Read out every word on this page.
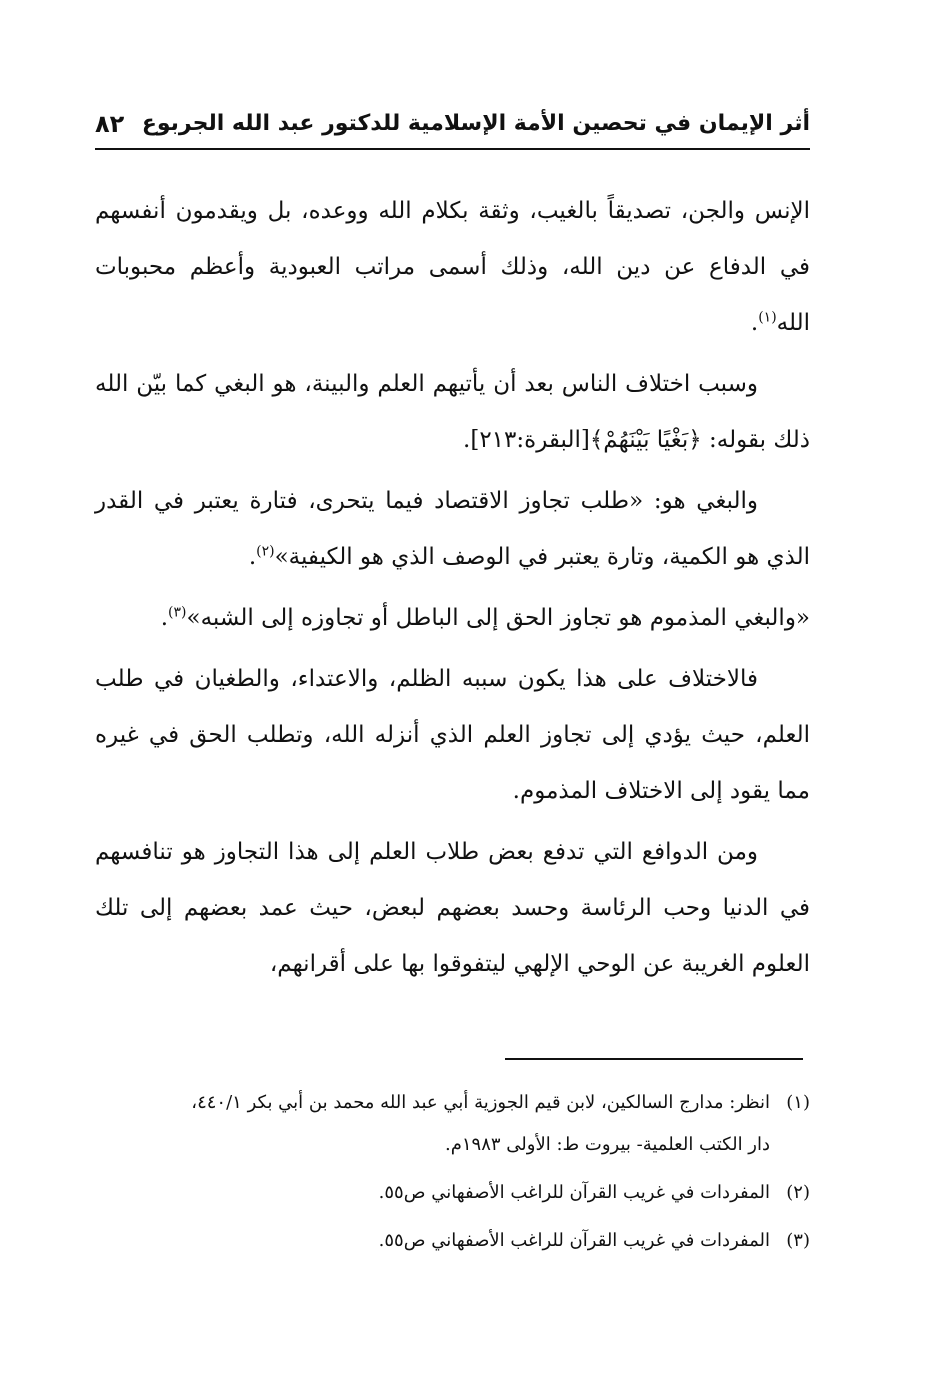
أثر الإيمان في تحصين الأمة الإسلامية للدكتور عبد الله الجربوع
٨٢

الإنس والجن، تصديقاً بالغيب، وثقة بكلام الله ووعده، بل ويقدمون أنفسهم في الدفاع عن دين الله، وذلك أسمى مراتب العبودية وأعظم محبوبات الله$^{(١)}$.

وسبب اختلاف الناس بعد أن يأتيهم العلم والبينة، هو البغي كما بيّن الله ذلك بقوله: ﴿بَغْيًا بَيْنَهُمْ﴾[البقرة:٢١٣].

والبغي هو: «طلب تجاوز الاقتصاد فيما يتحرى، فتارة يعتبر في القدر الذي هو الكمية، وتارة يعتبر في الوصف الذي هو الكيفية»$^{(٢)}$.

«والبغي المذموم هو تجاوز الحق إلى الباطل أو تجاوزه إلى الشبه»$^{(٣)}$.

فالاختلاف على هذا يكون سببه الظلم، والاعتداء، والطغيان في طلب العلم، حيث يؤدي إلى تجاوز العلم الذي أنزله الله، وتطلب الحق في غيره مما يقود إلى الاختلاف المذموم.

ومن الدوافع التي تدفع بعض طلاب العلم إلى هذا التجاوز هو تنافسهم في الدنيا وحب الرئاسة وحسد بعضهم لبعض، حيث عمد بعضهم إلى تلك العلوم الغريبة عن الوحي الإلهي ليتفوقوا بها على أقرانهم،

(١)انظر: مدارج السالكين، لابن قيم الجوزية أبي عبد الله محمد بن أبي بكر ٤٤٠/١،
دار الكتب العلمية- بيروت ط: الأولى ١٩٨٣م.
(٢)المفردات في غريب القرآن للراغب الأصفهاني ص٥٥.
(٣)المفردات في غريب القرآن للراغب الأصفهاني ص٥٥.
